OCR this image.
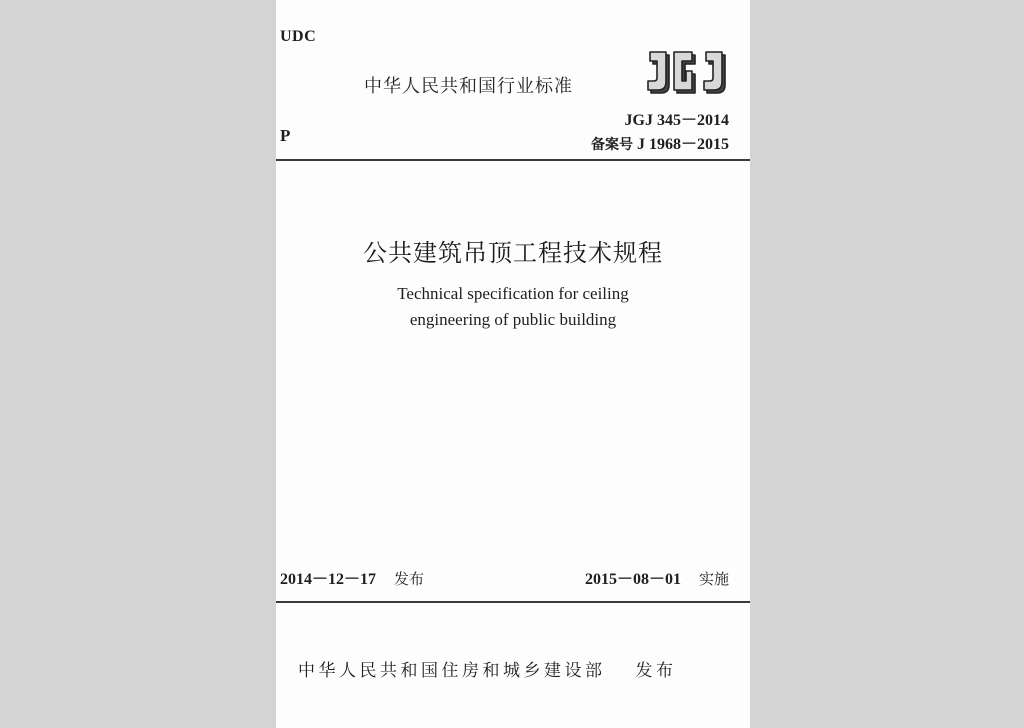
UDC
中华人民共和国行业标准
JGJ 345－2014
P	备案号 J 1968－2015
公共建筑吊顶工程技术规程
Technical specification for ceiling
engineering of public building
2014－12－17 发布	2015－08－01 实施
中华人民共和国住房和城乡建设部 发布
